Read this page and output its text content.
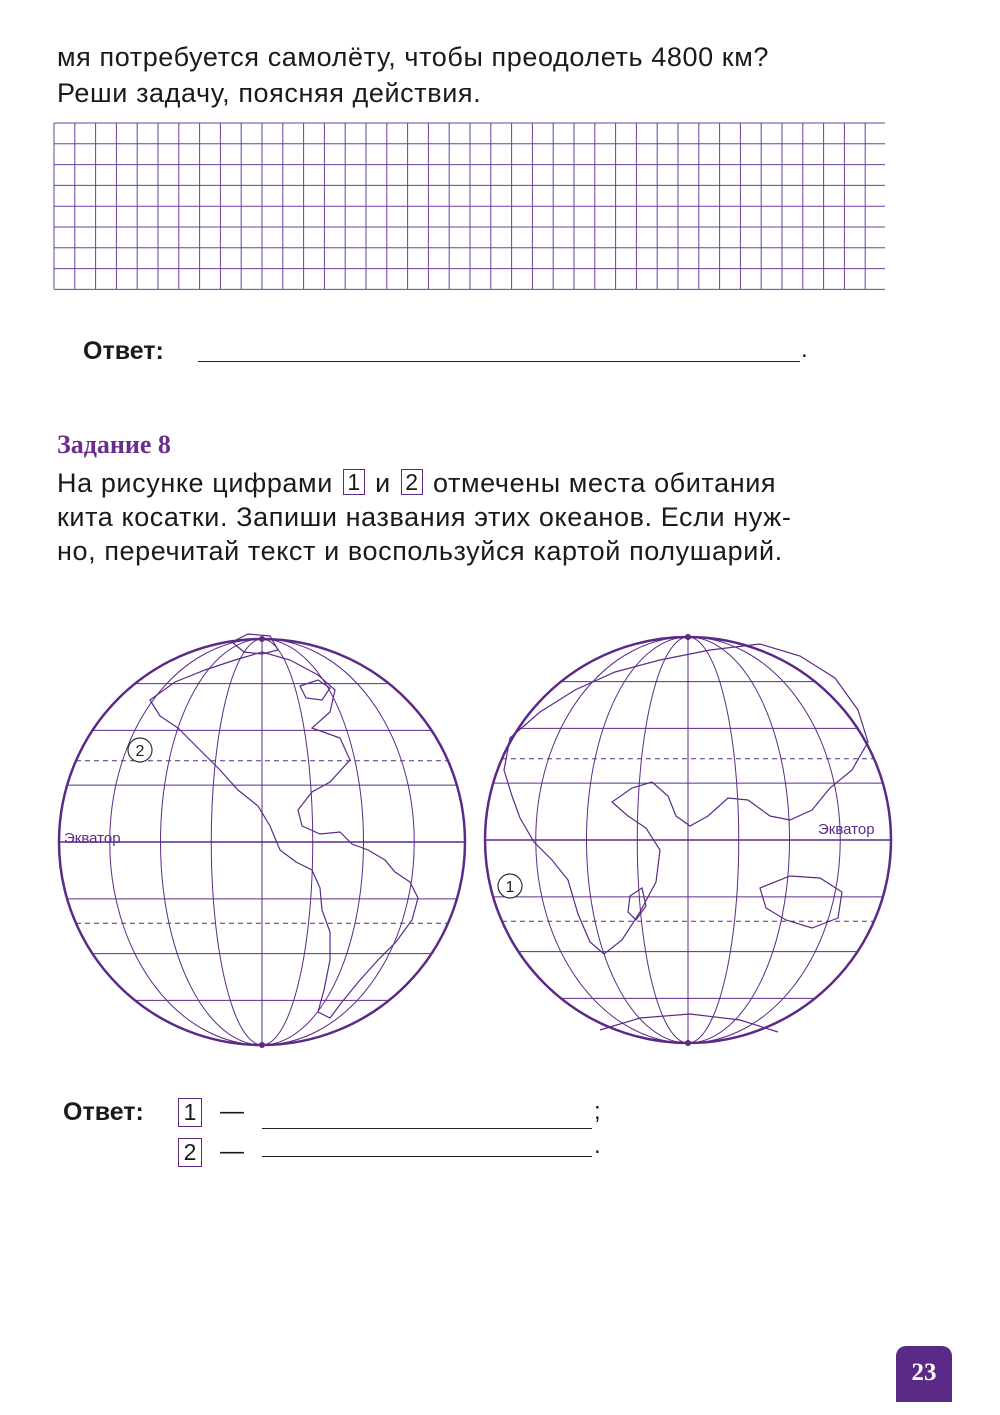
мя потребуется самолёту, чтобы преодолеть 4800 км?

Реши задачу, поясняя действия.

Ответ:	.
Задание 8

На рисунке цифрами 1 и 2 отмечены места обитания

кита косатки. Запиши названия этих океанов. Если нуж-

но, перечитай текст и воспользуйся картой полушарий.

2
1
Экватор
Экватор
Ответ: 1 —	;
2 —	.
23
